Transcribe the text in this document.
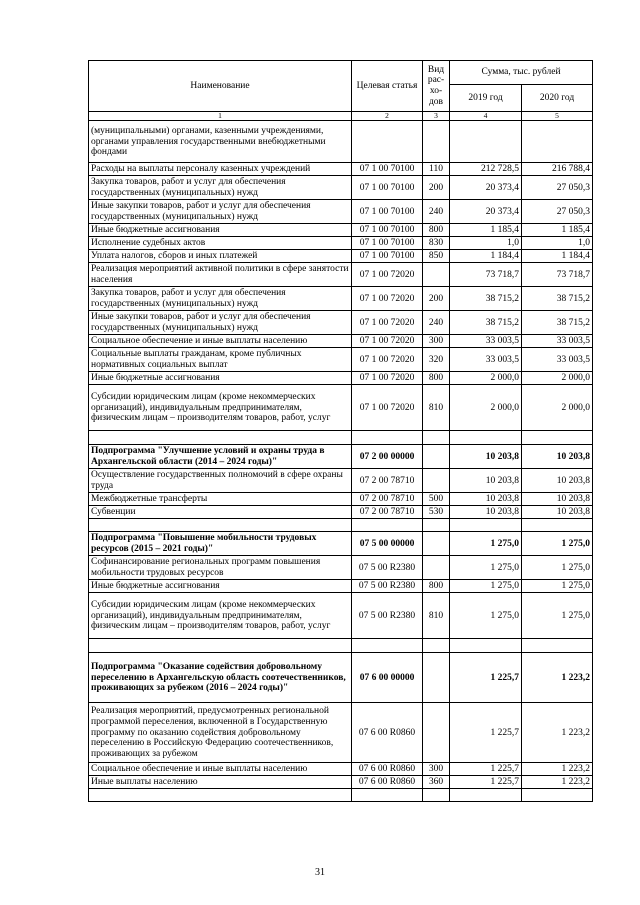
Наименование	Целевая статья	Вид рас-хо-дов	Сумма, тыс. рублей	
			2019 год	2020 год
1	2	3	4	5
(муниципальными) органами, казенными учреждениями, органами управления государственными внебюджетными фондами				
Расходы на выплаты персоналу казенных учреждений	07 1 00 70100	110	212 728,5	216 788,4
Закупка товаров, работ и услуг для обеспечения государственных (муниципальных) нужд	07 1 00 70100	200	20 373,4	27 050,3
Иные закупки товаров, работ и услуг для обеспечения государственных (муниципальных) нужд	07 1 00 70100	240	20 373,4	27 050,3
Иные бюджетные ассигнования	07 1 00 70100	800	1 185,4	1 185,4
Исполнение судебных актов	07 1 00 70100	830	1,0	1,0
Уплата налогов, сборов и иных платежей	07 1 00 70100	850	1 184,4	1 184,4
Реализация мероприятий активной политики в сфере занятости населения	07 1 00 72020		73 718,7	73 718,7
Закупка товаров, работ и услуг для обеспечения государственных (муниципальных) нужд	07 1 00 72020	200	38 715,2	38 715,2
Иные закупки товаров, работ и услуг для обеспечения государственных (муниципальных) нужд	07 1 00 72020	240	38 715,2	38 715,2
Социальное обеспечение и иные выплаты населению	07 1 00 72020	300	33 003,5	33 003,5
Социальные выплаты гражданам, кроме публичных нормативных социальных выплат	07 1 00 72020	320	33 003,5	33 003,5
Иные бюджетные ассигнования	07 1 00 72020	800	2 000,0	2 000,0
Субсидии юридическим лицам (кроме некоммерческих организаций), индивидуальным предпринимателям, физическим лицам – производителям товаров, работ, услуг	07 1 00 72020	810	2 000,0	2 000,0

Подпрограмма "Улучшение условий и охраны труда в Архангельской области (2014 – 2024 годы)"	07 2 00 00000		10 203,8	10 203,8
Осуществление государственных полномочий в сфере охраны труда	07 2 00 78710		10 203,8	10 203,8
Межбюджетные трансферты	07 2 00 78710	500	10 203,8	10 203,8
Субвенции	07 2 00 78710	530	10 203,8	10 203,8

Подпрограмма "Повышение мобильности трудовых ресурсов (2015 – 2021 годы)"	07 5 00 00000		1 275,0	1 275,0
Софинансирование региональных программ повышения мобильности трудовых ресурсов	07 5 00 R2380		1 275,0	1 275,0
Иные бюджетные ассигнования	07 5 00 R2380	800	1 275,0	1 275,0
Субсидии юридическим лицам (кроме некоммерческих организаций), индивидуальным предпринимателям, физическим лицам – производителям товаров, работ, услуг	07 5 00 R2380	810	1 275,0	1 275,0

Подпрограмма "Оказание содействия добровольному переселению в Архангельскую область соотечественников, проживающих за рубежом (2016 – 2024 годы)"	07 6 00 00000		1 225,7	1 223,2
Реализация мероприятий, предусмотренных региональной программой переселения, включенной в Государственную программу по оказанию содействия добровольному переселению в Российскую Федерацию соотечественников, проживающих за рубежом	07 6 00 R0860		1 225,7	1 223,2
Социальное обеспечение и иные выплаты населению	07 6 00 R0860	300	1 225,7	1 223,2
Иные выплаты населению	07 6 00 R0860	360	1 225,7	1 223,2

31
